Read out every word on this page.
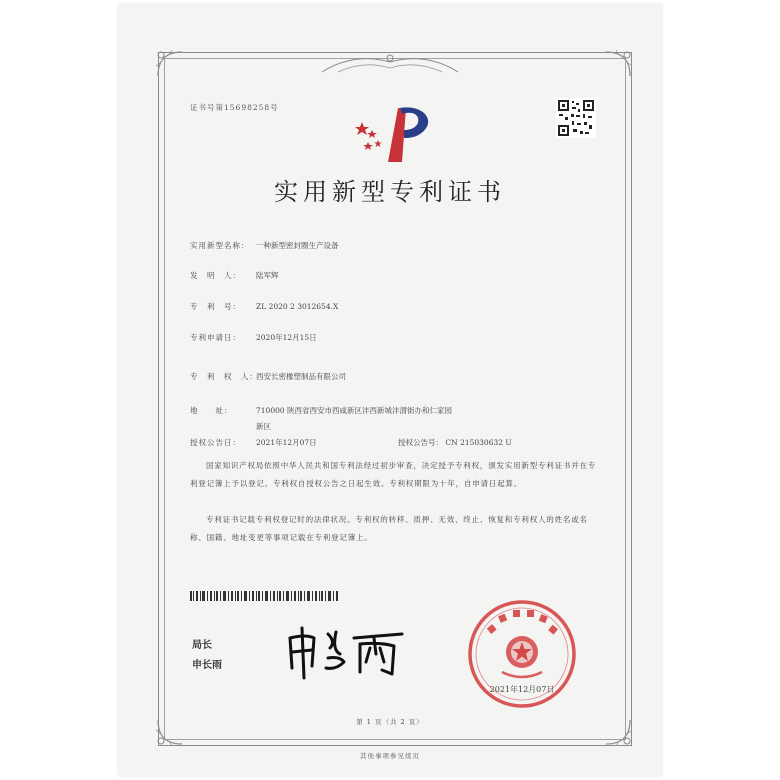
证书号第15698258号
实用新型专利证书
实用新型名称： 一种新型密封圈生产设备
发　明　人： 陆军辉
专　利　号： ZL 2020 2 3012654.X
专利申请日： 2020年12月15日
专　利　权　人：西安长密橡塑制品有限公司
地　　址：	710000 陕西省西安市西咸新区沣西新城沣渭街办和仁家园
新区
授权公告日： 2021年12月07日	授权公告号： CN 215030632 U
国家知识产权局依照中华人民共和国专利法经过初步审查，决定授予专利权，颁发实用新型专利证书并在专利登记簿上予以登记。专利权自授权公告之日起生效。专利权期限为十年，自申请日起算。
专利证书记载专利权登记时的法律状况。专利权的转移、质押、无效、终止、恢复和专利权人的姓名或名称、国籍、地址变更等事项记载在专利登记簿上。
局长
申长雨
2021年12月07日
第 1 页（共 2 页）
其他事项参见续页
